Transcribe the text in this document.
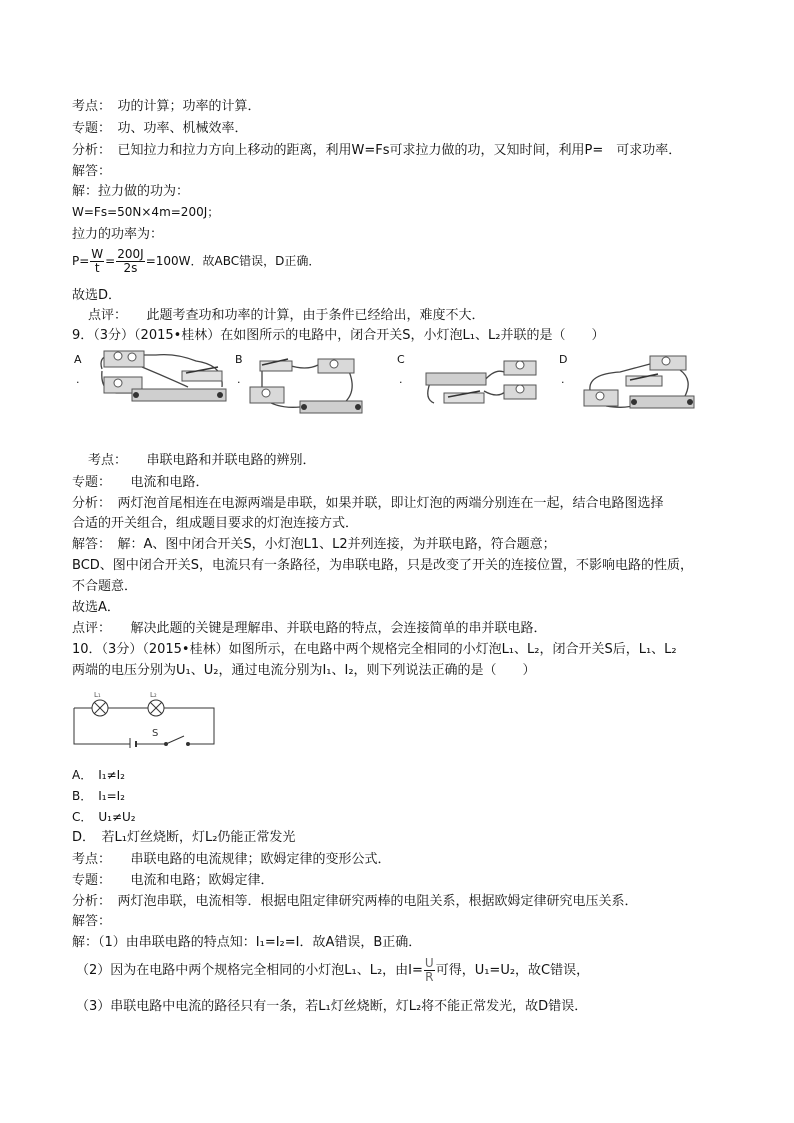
考点：　功的计算；功率的计算．
专题：　功、功率、机械效率．
分析：　已知拉力和拉力方向上移动的距离，利用W=Fs可求拉力做的功，又知时间，利用P=　 可求功率．
解答：
解：拉力做的功为：
W=Fs=50N×4m=200J；
拉力的功率为：
$P= \frac{W}{t} = \frac{200J}{2s} =100W$．故ABC错误，D正确．
故选D．
点评：　　此题考查功和功率的计算，由于条件已经给出，难度不大．
9．（3分）（2015•桂林）在如图所示的电路中，闭合开关S，小灯泡L₁、L₂并联的是（　　）
A
.
B
.
C
.
D
.
考点：　　串联电路和并联电路的辨别．
专题：　　电流和电路．
分析：　两灯泡首尾相连在电源两端是串联，如果并联，即让灯泡的两端分别连在一起，结合电路图选择
合适的开关组合，组成题目要求的灯泡连接方式．
解答：　解：A、图中闭合开关S，小灯泡L1、L2并列连接，为并联电路，符合题意；
BCD、图中闭合开关S，电流只有一条路径，为串联电路，只是改变了开关的连接位置，不影响电路的性质，
不合题意．
故选A．
点评：　　解决此题的关键是理解串、并联电路的特点，会连接简单的串并联电路．
10．（3分）（2015•桂林）如图所示，在电路中两个规格完全相同的小灯泡L₁、L₂，闭合开关S后，L₁、L₂
两端的电压分别为U₁、U₂，通过电流分别为I₁、I₂，则下列说法正确的是（　　）
L₁	L₂
S
A．　I₁≠I₂
B．　I₁=I₂
C．　U₁≠U₂
D．　若L₁灯丝烧断，灯L₂仍能正常发光
考点：　　串联电路的电流规律；欧姆定律的变形公式．
专题：　　电流和电路；欧姆定律．
分析：　两灯泡串联，电流相等．根据电阻定律研究两棒的电阻关系，根据欧姆定律研究电压关系．
解答：
解：（1）由串联电路的特点知：I₁=I₂=I．故A错误，B正确．
（2）因为在电路中两个规格完全相同的小灯泡L₁、L₂，由$I= \frac{U}{R}$ 可得，U₁=U₂，故C错误，
（3）串联电路中电流的路径只有一条，若L₁灯丝烧断，灯L₂将不能正常发光，故D错误．
